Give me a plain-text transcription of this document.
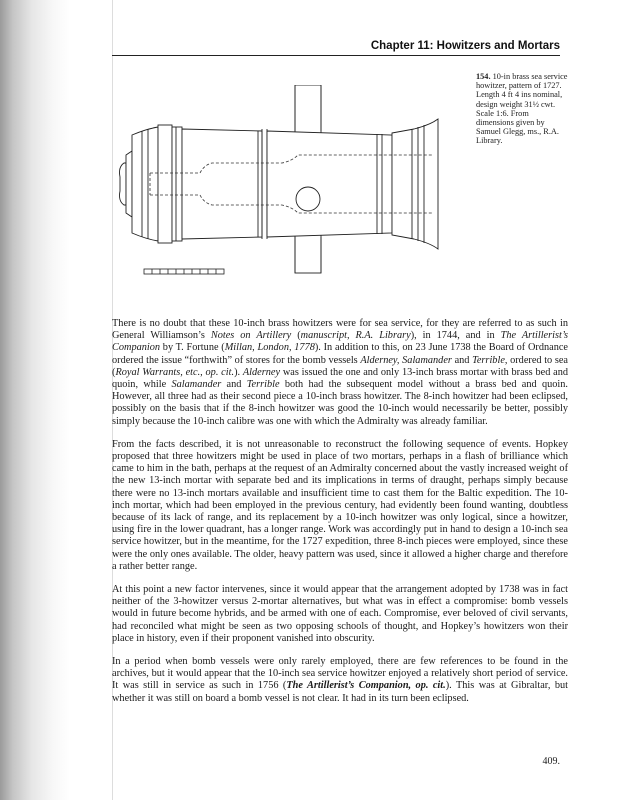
Chapter 11: Howitzers and Mortars
154. 10-in brass sea service howitzer, pattern of 1727. Length 4 ft 4 ins nominal, design weight 31½ cwt. Scale 1:6. From dimensions given by Samuel Glegg, ms., R.A. Library.

There is no doubt that these 10-inch brass howitzers were for sea service, for they are referred to as such in General Williamson’s Notes on Artillery (manuscript, R.A. Library), in 1744, and in The Artillerist’s Companion by T. Fortune (Millan, London, 1778). In addition to this, on 23 June 1738 the Board of Ordnance ordered the issue “forthwith” of stores for the bomb vessels Alderney, Salamander and Terrible, ordered to sea (Royal Warrants, etc., op. cit.). Alderney was issued the one and only 13-inch brass mortar with brass bed and quoin, while Salamander and Terrible both had the subsequent model without a brass bed and quoin. However, all three had as their second piece a 10-inch brass howitzer. The 8-inch howitzer had been eclipsed, possibly on the basis that if the 8-inch howitzer was good the 10-inch would necessarily be better, possibly simply because the 10-inch calibre was one with which the Admiralty was already familiar.

From the facts described, it is not unreasonable to reconstruct the following sequence of events. Hopkey proposed that three howitzers might be used in place of two mortars, perhaps in a flash of brilliance which came to him in the bath, perhaps at the request of an Admiralty concerned about the vastly increased weight of the new 13-inch mortar with separate bed and its implications in terms of draught, perhaps simply because there were no 13-inch mortars available and insufficient time to cast them for the Baltic expedition. The 10-inch mortar, which had been employed in the previous century, had evidently been found wanting, doubtless because of its lack of range, and its replacement by a 10-inch howitzer was only logical, since a howitzer, using fire in the lower quadrant, has a longer range. Work was accordingly put in hand to design a 10-inch sea service howitzer, but in the meantime, for the 1727 expedition, three 8-inch pieces were employed, since these were the only ones available. The older, heavy pattern was used, since it allowed a higher charge and therefore a rather better range.

At this point a new factor intervenes, since it would appear that the arrangement adopted by 1738 was in fact neither of the 3-howitzer versus 2-mortar alternatives, but what was in effect a compromise: bomb vessels would in future become hybrids, and be armed with one of each. Compromise, ever beloved of civil servants, had reconciled what might be seen as two opposing schools of thought, and Hopkey’s howitzers won their place in history, even if their proponent vanished into obscurity.

In a period when bomb vessels were only rarely employed, there are few references to be found in the archives, but it would appear that the 10-inch sea service howitzer enjoyed a relatively short period of service. It was still in service as such in 1756 (The Artillerist’s Companion, op. cit.). This was at Gibraltar, but whether it was still on board a bomb vessel is not clear. It had in its turn been eclipsed.

409.
